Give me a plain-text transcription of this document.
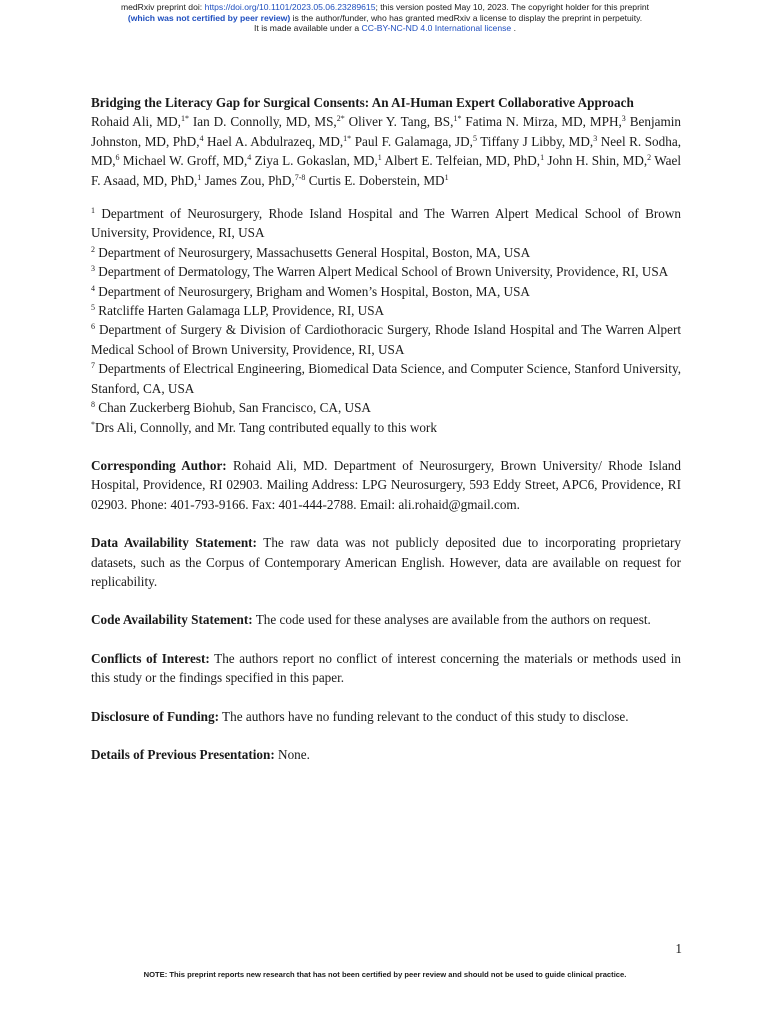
medRxiv preprint doi: https://doi.org/10.1101/2023.05.06.23289615; this version posted May 10, 2023. The copyright holder for this preprint
(which was not certified by peer review) is the author/funder, who has granted medRxiv a license to display the preprint in perpetuity.
It is made available under a CC-BY-NC-ND 4.0 International license .

Bridging the Literacy Gap for Surgical Consents: An AI-Human Expert Collaborative Approach

Rohaid Ali, MD,$^{1*}$ Ian D. Connolly, MD, MS,$^{2*}$ Oliver Y. Tang, BS,$^{1*}$ Fatima N. Mirza, MD, MPH,$^3$ Benjamin Johnston, MD, PhD,$^4$ Hael A. Abdulrazeq, MD,$^{1*}$ Paul F. Galamaga, JD,$^5$ Tiffany J Libby, MD,$^3$ Neel R. Sodha, MD,$^6$ Michael W. Groff, MD,$^4$ Ziya L. Gokaslan, MD,$^1$ Albert E. Telfeian, MD, PhD,$^1$ John H. Shin, MD,$^2$ Wael F. Asaad, MD, PhD,$^1$ James Zou, PhD,$^{7-8}$ Curtis E. Doberstein, $MD^1$

$^1$ Department of Neurosurgery, Rhode Island Hospital and The Warren Alpert Medical School of Brown University, Providence, RI, USA

$^2$ Department of Neurosurgery, Massachusetts General Hospital, Boston, MA, USA

$^3$ Department of Dermatology, The Warren Alpert Medical School of Brown University, Providence, RI, USA

$^4$ Department of Neurosurgery, Brigham and Women’s Hospital, Boston, MA, USA

$^5$ Ratcliffe Harten Galamaga LLP, Providence, RI, USA

$^6$ Department of Surgery & Division of Cardiothoracic Surgery, Rhode Island Hospital and The Warren Alpert Medical School of Brown University, Providence, RI, USA

$^7$ Departments of Electrical Engineering, Biomedical Data Science, and Computer Science, Stanford University, Stanford, CA, USA

$^8$ Chan Zuckerberg Biohub, San Francisco, CA, USA

*Drs Ali, Connolly, and Mr. Tang contributed equally to this work

Corresponding Author: Rohaid Ali, MD. Department of Neurosurgery, Brown University/ Rhode Island Hospital, Providence, RI 02903. Mailing Address: LPG Neurosurgery, 593 Eddy Street, APC6, Providence, RI 02903. Phone: 401-793-9166. Fax: 401-444-2788. Email: ali.rohaid@gmail.com.

Data Availability Statement: The raw data was not publicly deposited due to incorporating proprietary datasets, such as the Corpus of Contemporary American English. However, data are available on request for replicability.

Code Availability Statement: The code used for these analyses are available from the authors on request.

Conflicts of Interest: The authors report no conflict of interest concerning the materials or methods used in this study or the findings specified in this paper.

Disclosure of Funding: The authors have no funding relevant to the conduct of this study to disclose.

Details of Previous Presentation: None.

1
NOTE: This preprint reports new research that has not been certified by peer review and should not be used to guide clinical practice.
